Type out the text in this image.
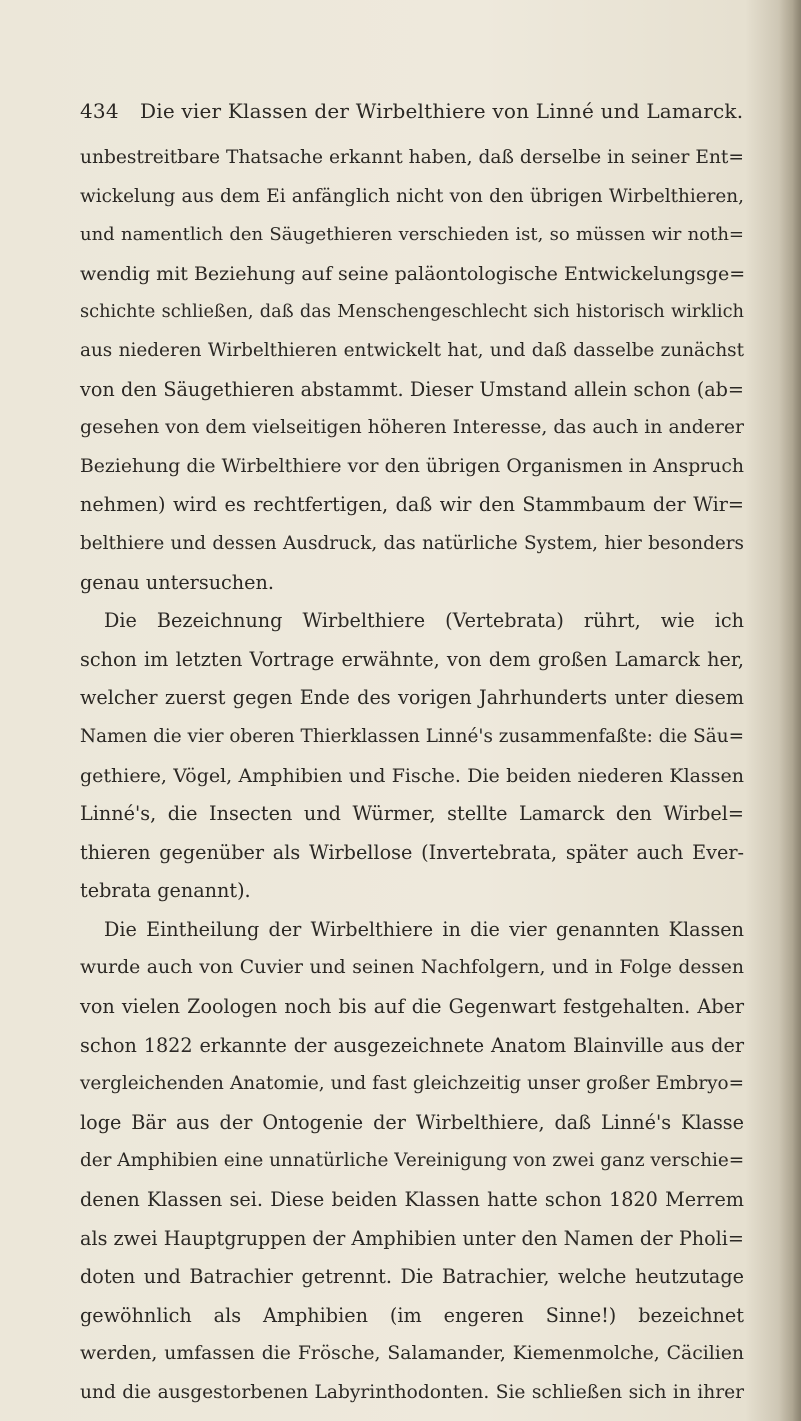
434 Die vier Klassen der Wirbelthiere von Linné und Lamarck.
unbestreitbare Thatsache erkannt haben, daß derselbe in seiner Ent=
wickelung aus dem Ei anfänglich nicht von den übrigen Wirbelthieren,
und namentlich den Säugethieren verschieden ist, so müssen wir noth=
wendig mit Beziehung auf seine paläontologische Entwickelungsge=
schichte schließen, daß das Menschengeschlecht sich historisch wirklich
aus niederen Wirbelthieren entwickelt hat, und daß dasselbe zunächst
von den Säugethieren abstammt. Dieser Umstand allein schon (ab=
gesehen von dem vielseitigen höheren Interesse, das auch in anderer
Beziehung die Wirbelthiere vor den übrigen Organismen in Anspruch
nehmen) wird es rechtfertigen, daß wir den Stammbaum der Wir=
belthiere und dessen Ausdruck, das natürliche System, hier besonders
genau untersuchen.
Die Bezeichnung Wirbelthiere (Vertebrata) rührt, wie ich
schon im letzten Vortrage erwähnte, von dem großen Lamarck her,
welcher zuerst gegen Ende des vorigen Jahrhunderts unter diesem
Namen die vier oberen Thierklassen Linné's zusammenfaßte: die Säu=
gethiere, Vögel, Amphibien und Fische. Die beiden niederen Klassen
Linné's, die Insecten und Würmer, stellte Lamarck den Wirbel=
thieren gegenüber als Wirbellose (Invertebrata, später auch Ever-
tebrata genannt).
Die Eintheilung der Wirbelthiere in die vier genannten Klassen
wurde auch von Cuvier und seinen Nachfolgern, und in Folge dessen
von vielen Zoologen noch bis auf die Gegenwart festgehalten. Aber
schon 1822 erkannte der ausgezeichnete Anatom Blainville aus der
vergleichenden Anatomie, und fast gleichzeitig unser großer Embryo=
loge Bär aus der Ontogenie der Wirbelthiere, daß Linné's Klasse
der Amphibien eine unnatürliche Vereinigung von zwei ganz verschie=
denen Klassen sei. Diese beiden Klassen hatte schon 1820 Merrem
als zwei Hauptgruppen der Amphibien unter den Namen der Pholi=
doten und Batrachier getrennt. Die Batrachier, welche heutzutage
gewöhnlich als Amphibien (im engeren Sinne!) bezeichnet
werden, umfassen die Frösche, Salamander, Kiemenmolche, Cäcilien
und die ausgestorbenen Labyrinthodonten. Sie schließen sich in ihrer
